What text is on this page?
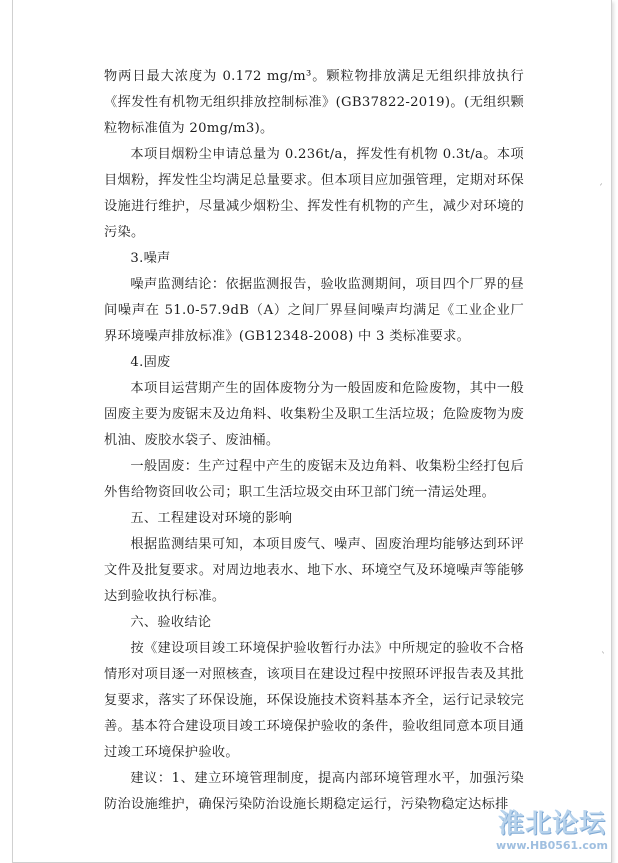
物两日最大浓度为 0.172 mg/m³。颗粒物排放满足无组织排放执行《挥发性有机物无组织排放控制标准》(GB37822-2019)。(无组织颗粒物标准值为 20mg/m3)。

本项目烟粉尘申请总量为 0.236t/a，挥发性有机物 0.3t/a。本项目烟粉，挥发性尘均满足总量要求。但本项目应加强管理，定期对环保设施进行维护，尽量减少烟粉尘、挥发性有机物的产生，减少对环境的污染。

3.噪声

噪声监测结论：依据监测报告，验收监测期间，项目四个厂界的昼间噪声在 51.0-57.9dB（A）之间厂界昼间噪声均满足《工业企业厂界环境噪声排放标准》(GB12348-2008) 中 3 类标准要求。

4.固废

本项目运营期产生的固体废物分为一般固废和危险废物，其中一般固废主要为废锯末及边角料、收集粉尘及职工生活垃圾；危险废物为废机油、废胶水袋子、废油桶。

一般固废：生产过程中产生的废锯末及边角料、收集粉尘经打包后外售给物资回收公司；职工生活垃圾交由环卫部门统一清运处理。

五、工程建设对环境的影响

根据监测结果可知，本项目废气、噪声、固废治理均能够达到环评文件及批复要求。对周边地表水、地下水、环境空气及环境噪声等能够达到验收执行标准。

六、验收结论

按《建设项目竣工环境保护验收暂行办法》中所规定的验收不合格情形对项目逐一对照核查，该项目在建设过程中按照环评报告表及其批复要求，落实了环保设施，环保设施技术资料基本齐全，运行记录较完善。基本符合建设项目竣工环境保护验收的条件，验收组同意本项目通过竣工环境保护验收。

建议：1、建立环境管理制度，提高内部环境管理水平，加强污染防治设施维护，确保污染防治设施长期稳定运行，污染物稳定达标排

ˊ
ˋ
淮北论坛
www.HB0561.com
